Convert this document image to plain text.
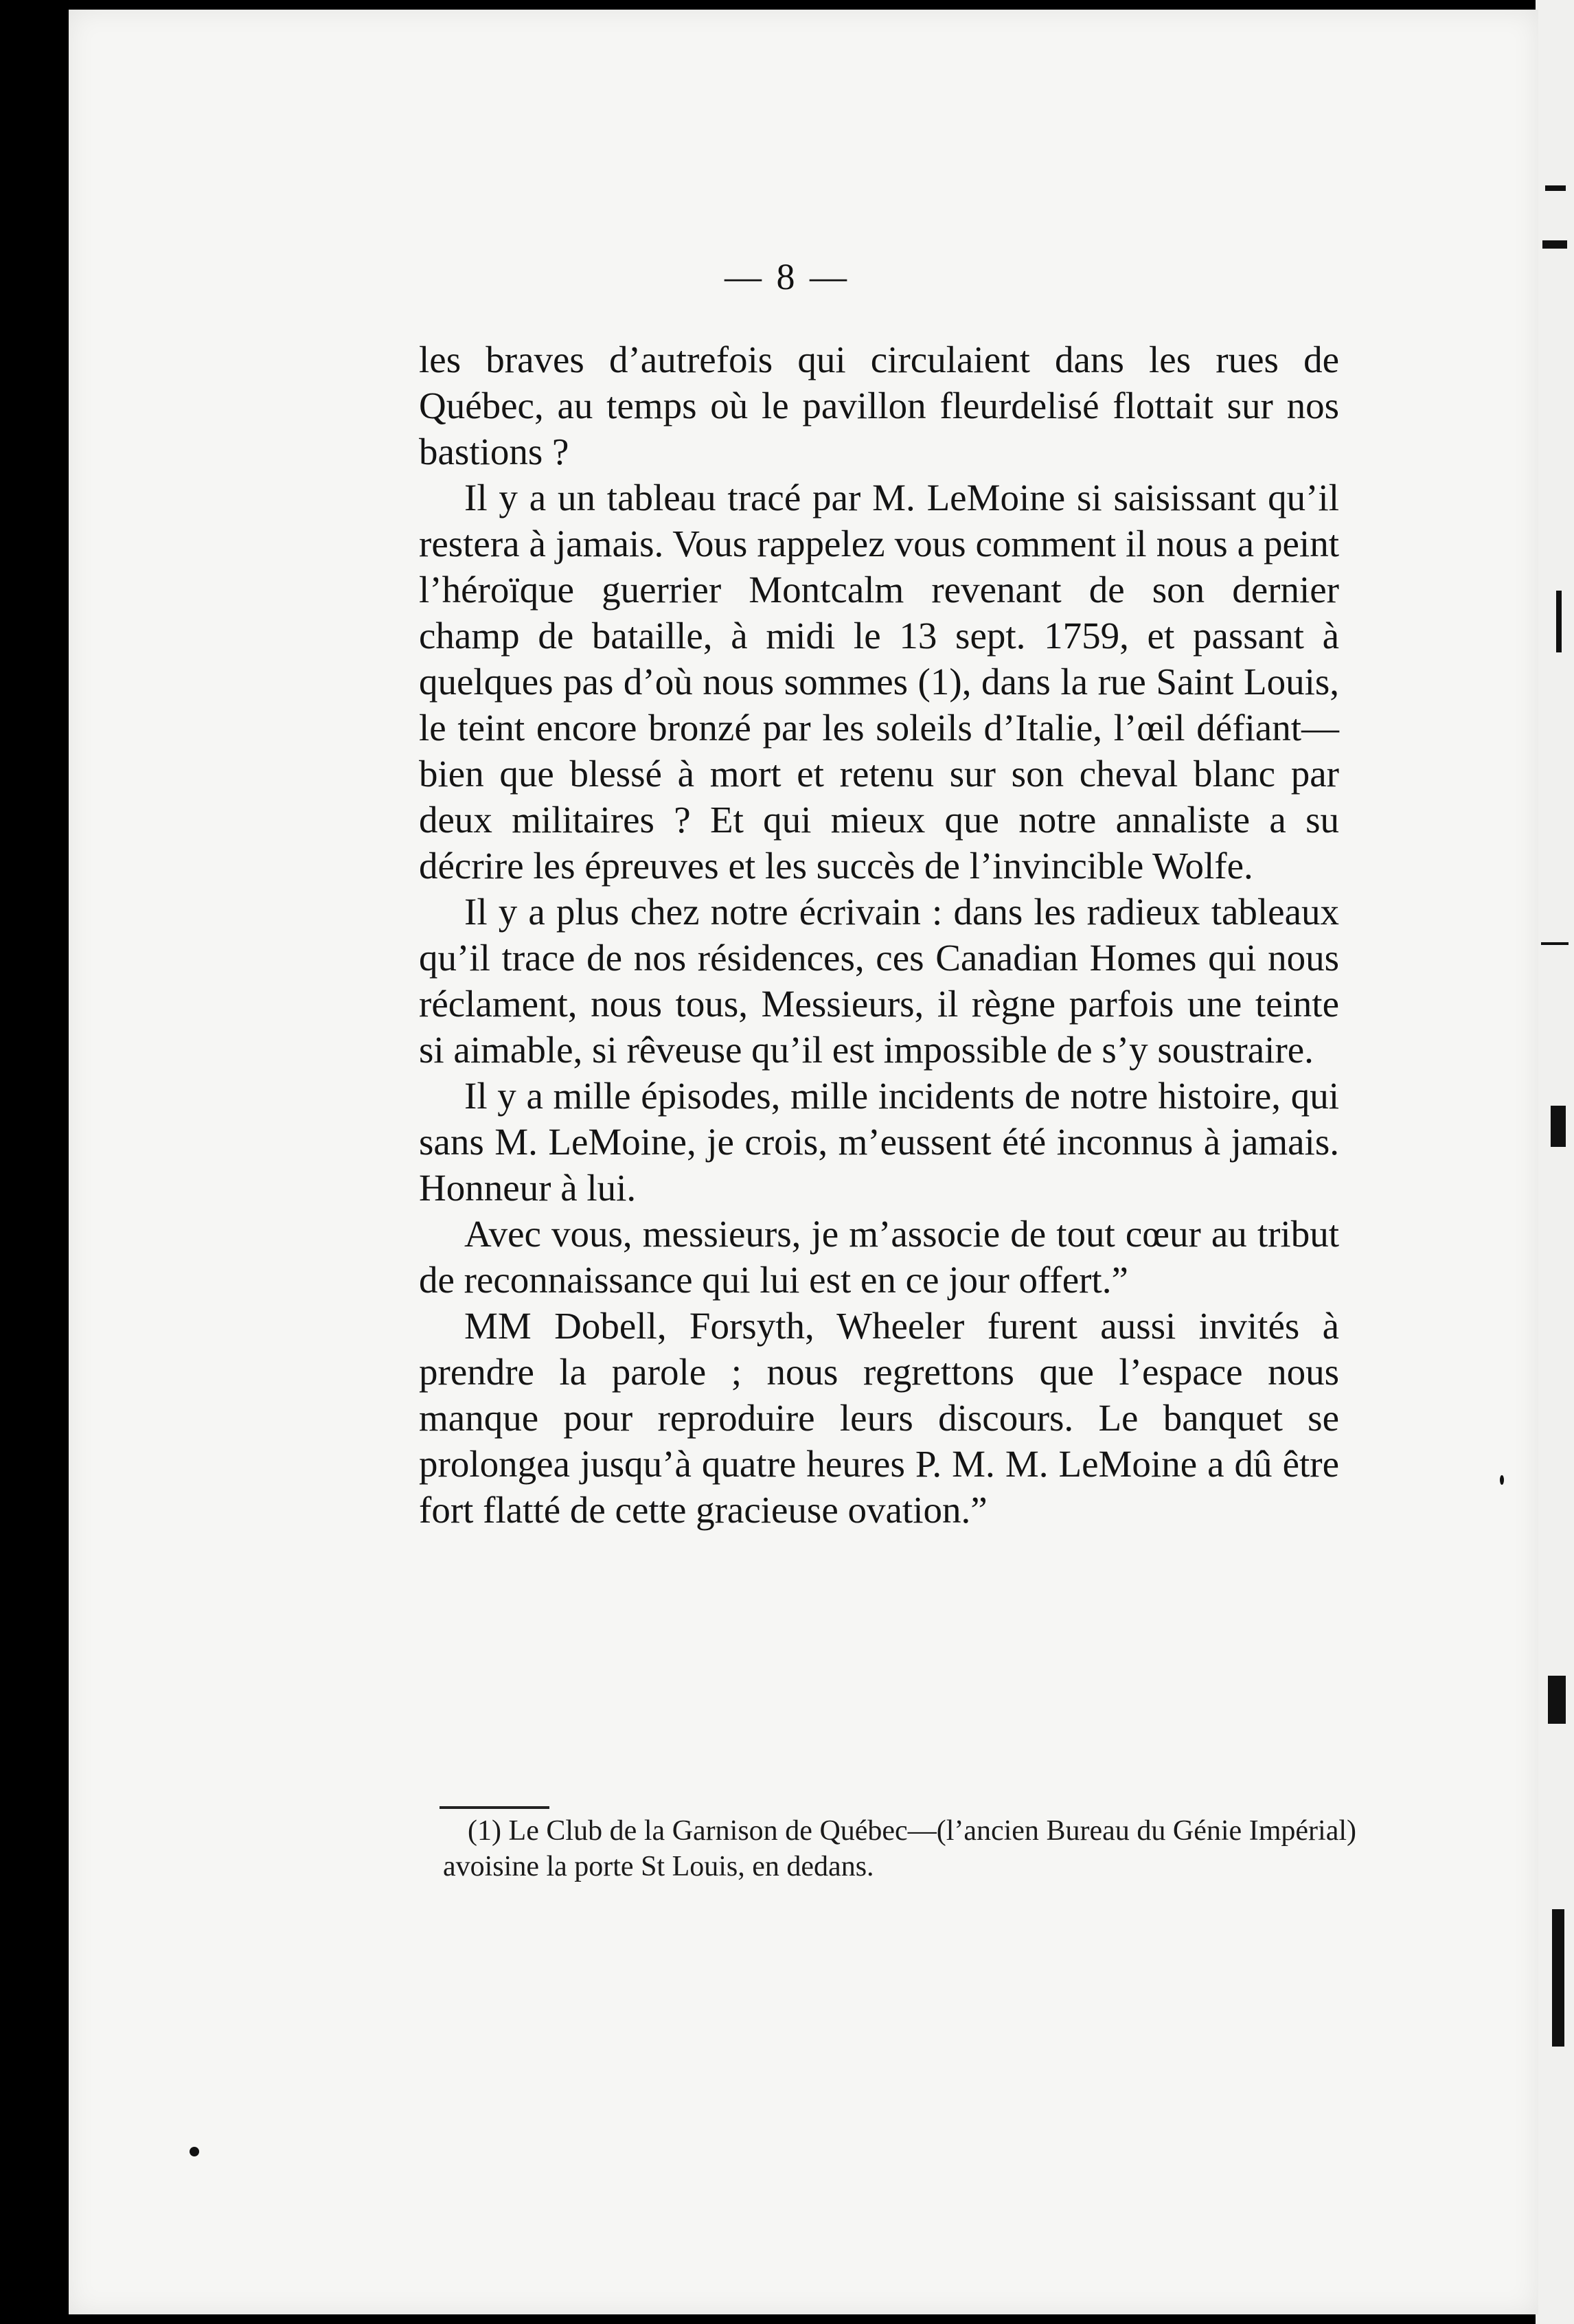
— 8 —

les braves d’autrefois qui circulaient dans les rues de Québec, au temps où le pavillon fleurdelisé flottait sur nos bastions ?

Il y a un tableau tracé par M. LeMoine si saisissant qu’il restera à jamais. Vous rappelez vous comment il nous a peint l’héroïque guerrier Montcalm revenant de son dernier champ de bataille, à midi le 13 sept. 1759, et passant à quelques pas d’où nous sommes (1), dans la rue Saint Louis, le teint encore bronzé par les soleils d’Italie, l’œil défiant—bien que blessé à mort et retenu sur son cheval blanc par deux militaires ? Et qui mieux que notre annaliste a su décrire les épreuves et les succès de l’invincible Wolfe.

Il y a plus chez notre écrivain : dans les radieux tableaux qu’il trace de nos résidences, ces Canadian Homes qui nous réclament, nous tous, Messieurs, il règne parfois une teinte si aimable, si rêveuse qu’il est impossible de s’y soustraire.

Il y a mille épisodes, mille incidents de notre histoire, qui sans M. LeMoine, je crois, m’eussent été inconnus à jamais. Honneur à lui.

Avec vous, messieurs, je m’associe de tout cœur au tribut de reconnaissance qui lui est en ce jour offert.”

MM Dobell, Forsyth, Wheeler furent aussi invités à prendre la parole ; nous regrettons que l’espace nous manque pour reproduire leurs discours. Le banquet se prolongea jusqu’à quatre heures P. M. M. LeMoine a dû être fort flatté de cette gracieuse ovation.”

(1) Le Club de la Garnison de Québec—(l’ancien Bureau du Génie Impérial) avoisine la porte St Louis, en dedans.
